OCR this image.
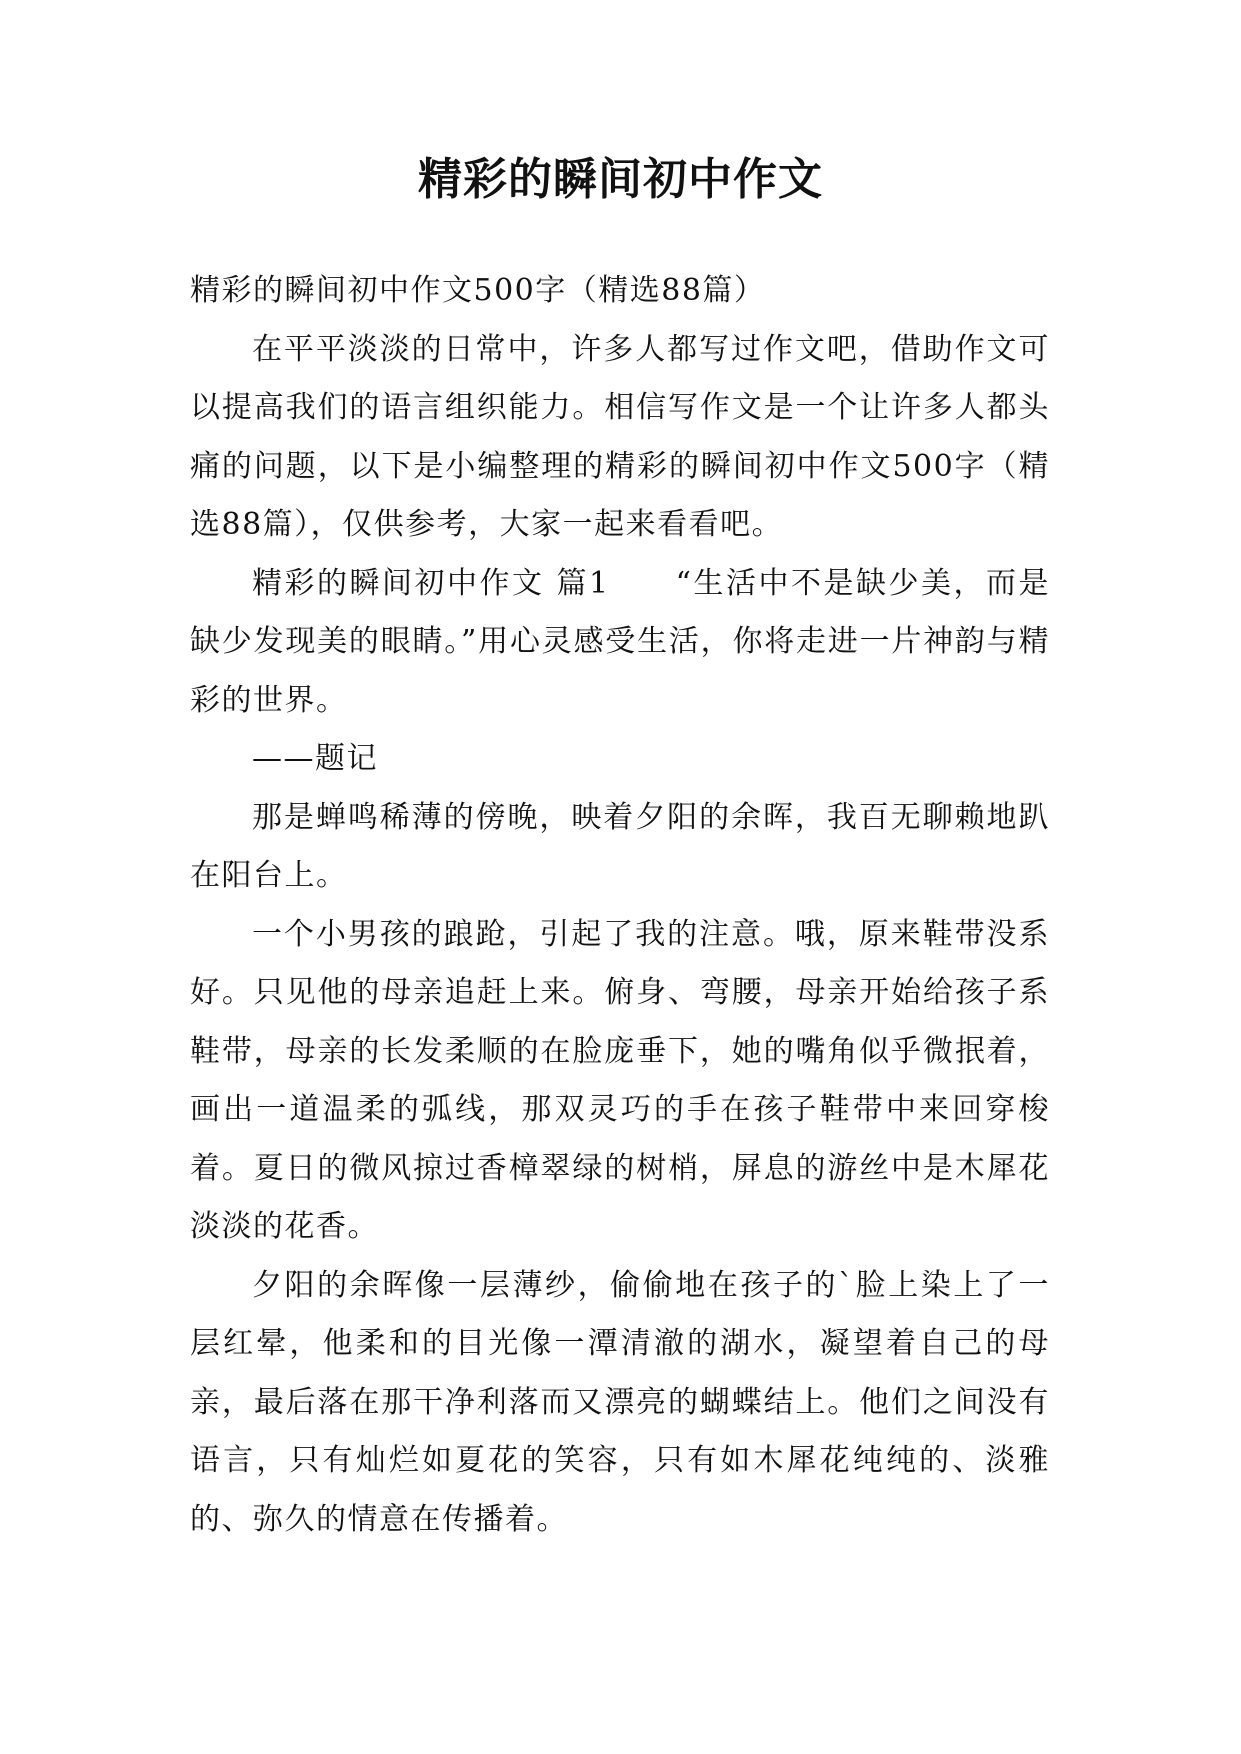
精彩的瞬间初中作文

精彩的瞬间初中作文500字（精选88篇）

在平平淡淡的日常中，许多人都写过作文吧，借助作文可以提高我们的语言组织能力。相信写作文是一个让许多人都头痛的问题，以下是小编整理的精彩的瞬间初中作文500字（精选88篇），仅供参考，大家一起来看看吧。

精彩的瞬间初中作文 篇1 “生活中不是缺少美，而是缺少发现美的眼睛。”用心灵感受生活，你将走进一片神韵与精彩的世界。

——题记

那是蝉鸣稀薄的傍晚，映着夕阳的余晖，我百无聊赖地趴在阳台上。

一个小男孩的踉跄，引起了我的注意。哦，原来鞋带没系好。只见他的母亲追赶上来。俯身、弯腰，母亲开始给孩子系鞋带，母亲的长发柔顺的在脸庞垂下，她的嘴角似乎微抿着，画出一道温柔的弧线，那双灵巧的手在孩子鞋带中来回穿梭着。夏日的微风掠过香樟翠绿的树梢，屏息的游丝中是木犀花淡淡的花香。

夕阳的余晖像一层薄纱，偷偷地在孩子的`脸上染上了一层红晕，他柔和的目光像一潭清澈的湖水，凝望着自己的母亲，最后落在那干净利落而又漂亮的蝴蝶结上。他们之间没有语言，只有灿烂如夏花的笑容，只有如木犀花纯纯的、淡雅的、弥久的情意在传播着。
